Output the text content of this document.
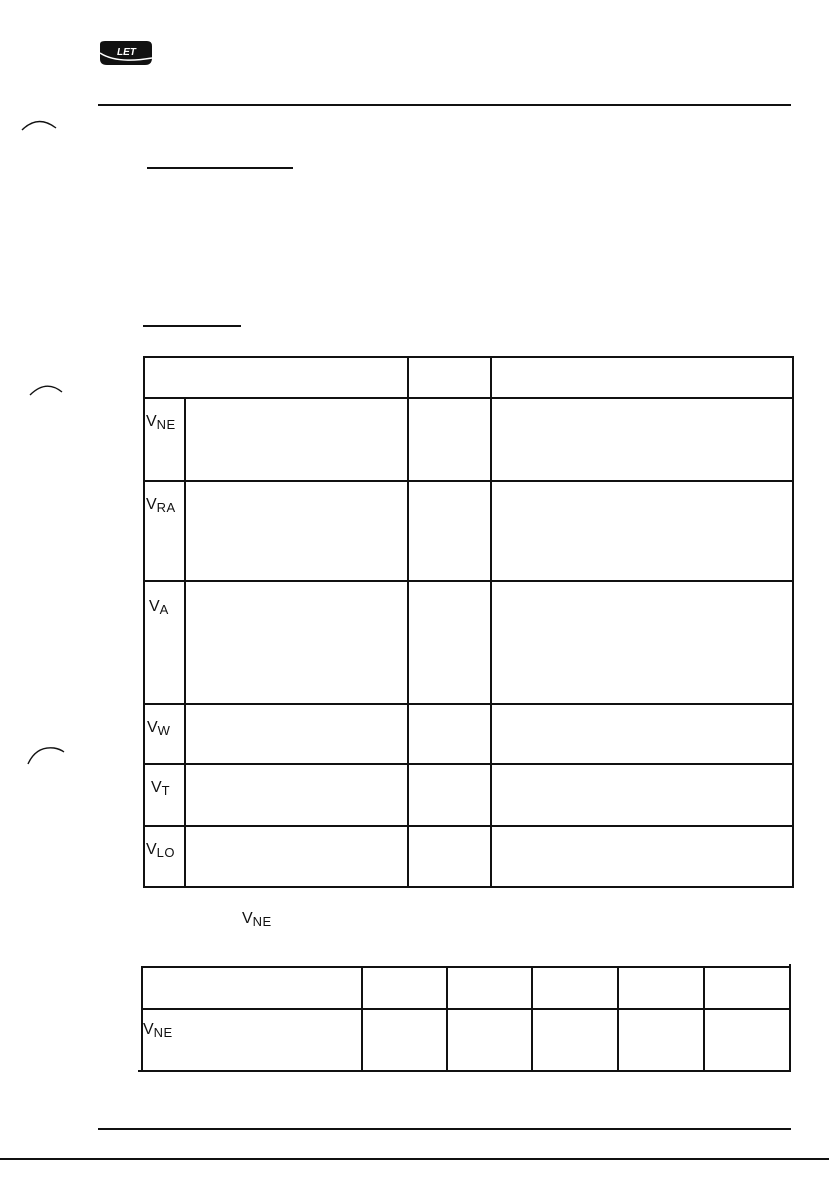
LET
$V_{NE}$
$V_{RA}$
$V_A$
$V_W$
$V_T$
$V_{LO}$
$V_{NE}$
$V_{NE}$
